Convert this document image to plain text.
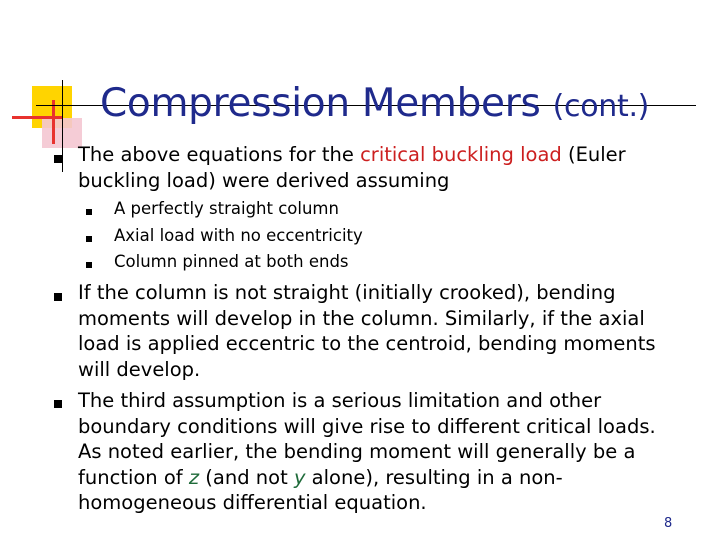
Compression Members (cont.)
The above equations for the critical buckling load (Euler
buckling load) were derived assuming
A perfectly straight column
Axial load with no eccentricity
Column pinned at both ends
If the column is not straight (initially crooked), bending
moments will develop in the column. Similarly, if the axial
load is applied eccentric to the centroid, bending moments
will develop.
The third assumption is a serious limitation and other
boundary conditions will give rise to different critical loads.
As noted earlier, the bending moment will generally be a
function of z (and not y alone), resulting in a non-
homogeneous differential equation.
8
